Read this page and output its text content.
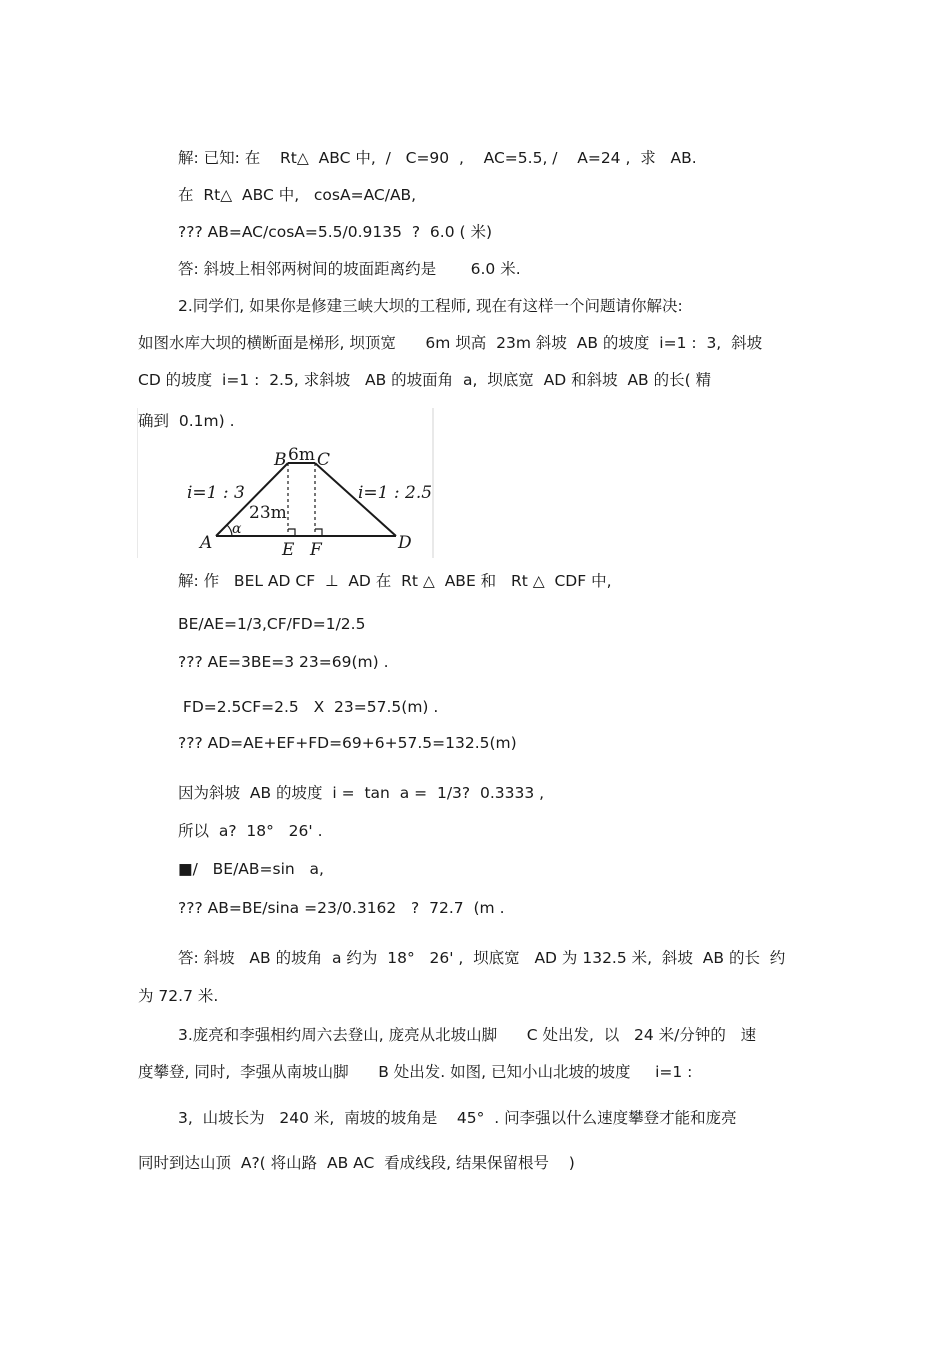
解: 已知: 在    Rt△  ABC 中,  /   C=90  ,    AC=5.5, /    A=24 ,  求   AB.
在  Rt△  ABC 中,   cosA=AC/AB,
??? AB=AC/cosA=5.5/0.9135  ?  6.0 ( 米)
答: 斜坡上相邻两树间的坡面距离约是       6.0 米.
2.同学们, 如果你是修建三峡大坝的工程师, 现在有这样一个问题请你解决:
如图水库大坝的横断面是梯形, 坝顶宽      6m 坝高  23m 斜坡  AB 的坡度  i=1 :  3,  斜坡
CD 的坡度  i=1 :  2.5, 求斜坡   AB 的坡面角  a,  坝底宽  AD 和斜坡  AB 的长( 精
确到  0.1m) .
6m
B C
A	D
E F
i=1 : 3	i=1 : 2.5
23m
α
解: 作   BEL AD CF  ⊥  AD 在  Rt △  ABE 和   Rt △  CDF 中,
BE/AE=1/3,CF/FD=1/2.5
??? AE=3BE=3 23=69(m) .
FD=2.5CF=2.5   X  23=57.5(m) .
??? AD=AE+EF+FD=69+6+57.5=132.5(m)
因为斜坡  AB 的坡度  i =  tan  a =  1/3?  0.3333 ,
所以  a?  18°   26' .
■/   BE/AB=sin   a,
??? AB=BE/sina =23/0.3162   ?  72.7  (m .
答: 斜坡   AB 的坡角  a 约为  18°   26' ,  坝底宽   AD 为 132.5 米,  斜坡  AB 的长  约
为 72.7 米.
3.庞亮和李强相约周六去登山, 庞亮从北坡山脚      C 处出发,  以   24 米/分钟的   速
度攀登, 同时,  李强从南坡山脚      B 处出发. 如图, 已知小山北坡的坡度     i=1 :
3,  山坡长为   240 米,  南坡的坡角是    45°  . 问李强以什么速度攀登才能和庞亮
同时到达山顶  A?( 将山路  AB AC  看成线段, 结果保留根号    )
